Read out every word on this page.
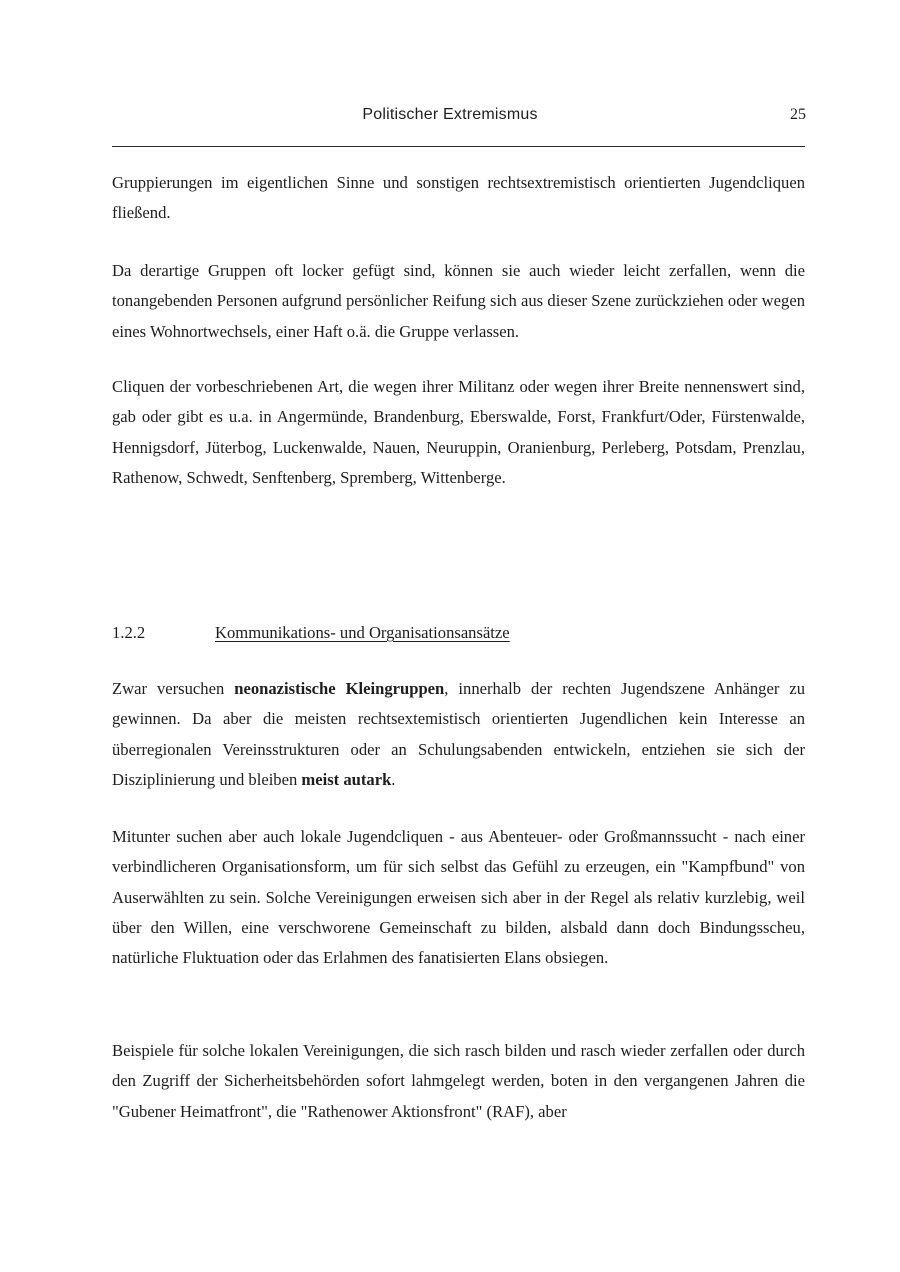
Politischer Extremismus	25

Gruppierungen im eigentlichen Sinne und sonstigen rechtsextremistisch orientierten Jugendcliquen fließend.

Da derartige Gruppen oft locker gefügt sind, können sie auch wieder leicht zerfallen, wenn die tonangebenden Personen aufgrund persönlicher Reifung sich aus dieser Szene zurückziehen oder wegen eines Wohnortwechsels, einer Haft o.ä. die Gruppe verlassen.

Cliquen der vorbeschriebenen Art, die wegen ihrer Militanz oder wegen ihrer Breite nennenswert sind, gab oder gibt es u.a. in Angermünde, Brandenburg, Eberswalde, Forst, Frankfurt/Oder, Fürstenwalde, Hennigsdorf, Jüterbog, Luckenwalde, Nauen, Neuruppin, Oranienburg, Perleberg, Potsdam, Prenzlau, Rathenow, Schwedt, Senftenberg, Spremberg, Wittenberge.

1.2.2	Kommunikations- und Organisationsansätze

Zwar versuchen neonazistische Kleingruppen, innerhalb der rechten Jugendszene Anhänger zu gewinnen. Da aber die meisten rechtsextemistisch orientierten Jugendlichen kein Interesse an überregionalen Vereinsstrukturen oder an Schulungsabenden entwickeln, entziehen sie sich der Disziplinierung und bleiben meist autark.

Mitunter suchen aber auch lokale Jugendcliquen - aus Abenteuer- oder Großmannssucht - nach einer verbindlicheren Organisationsform, um für sich selbst das Gefühl zu erzeugen, ein "Kampfbund" von Auserwählten zu sein. Solche Vereinigungen erweisen sich aber in der Regel als relativ kurzlebig, weil über den Willen, eine verschworene Gemeinschaft zu bilden, alsbald dann doch Bindungsscheu, natürliche Fluktuation oder das Erlahmen des fanatisierten Elans obsiegen.

Beispiele für solche lokalen Vereinigungen, die sich rasch bilden und rasch wieder zerfallen oder durch den Zugriff der Sicherheitsbehörden sofort lahmgelegt werden, boten in den vergangenen Jahren die "Gubener Heimatfront", die "Rathenower Aktionsfront" (RAF), aber
